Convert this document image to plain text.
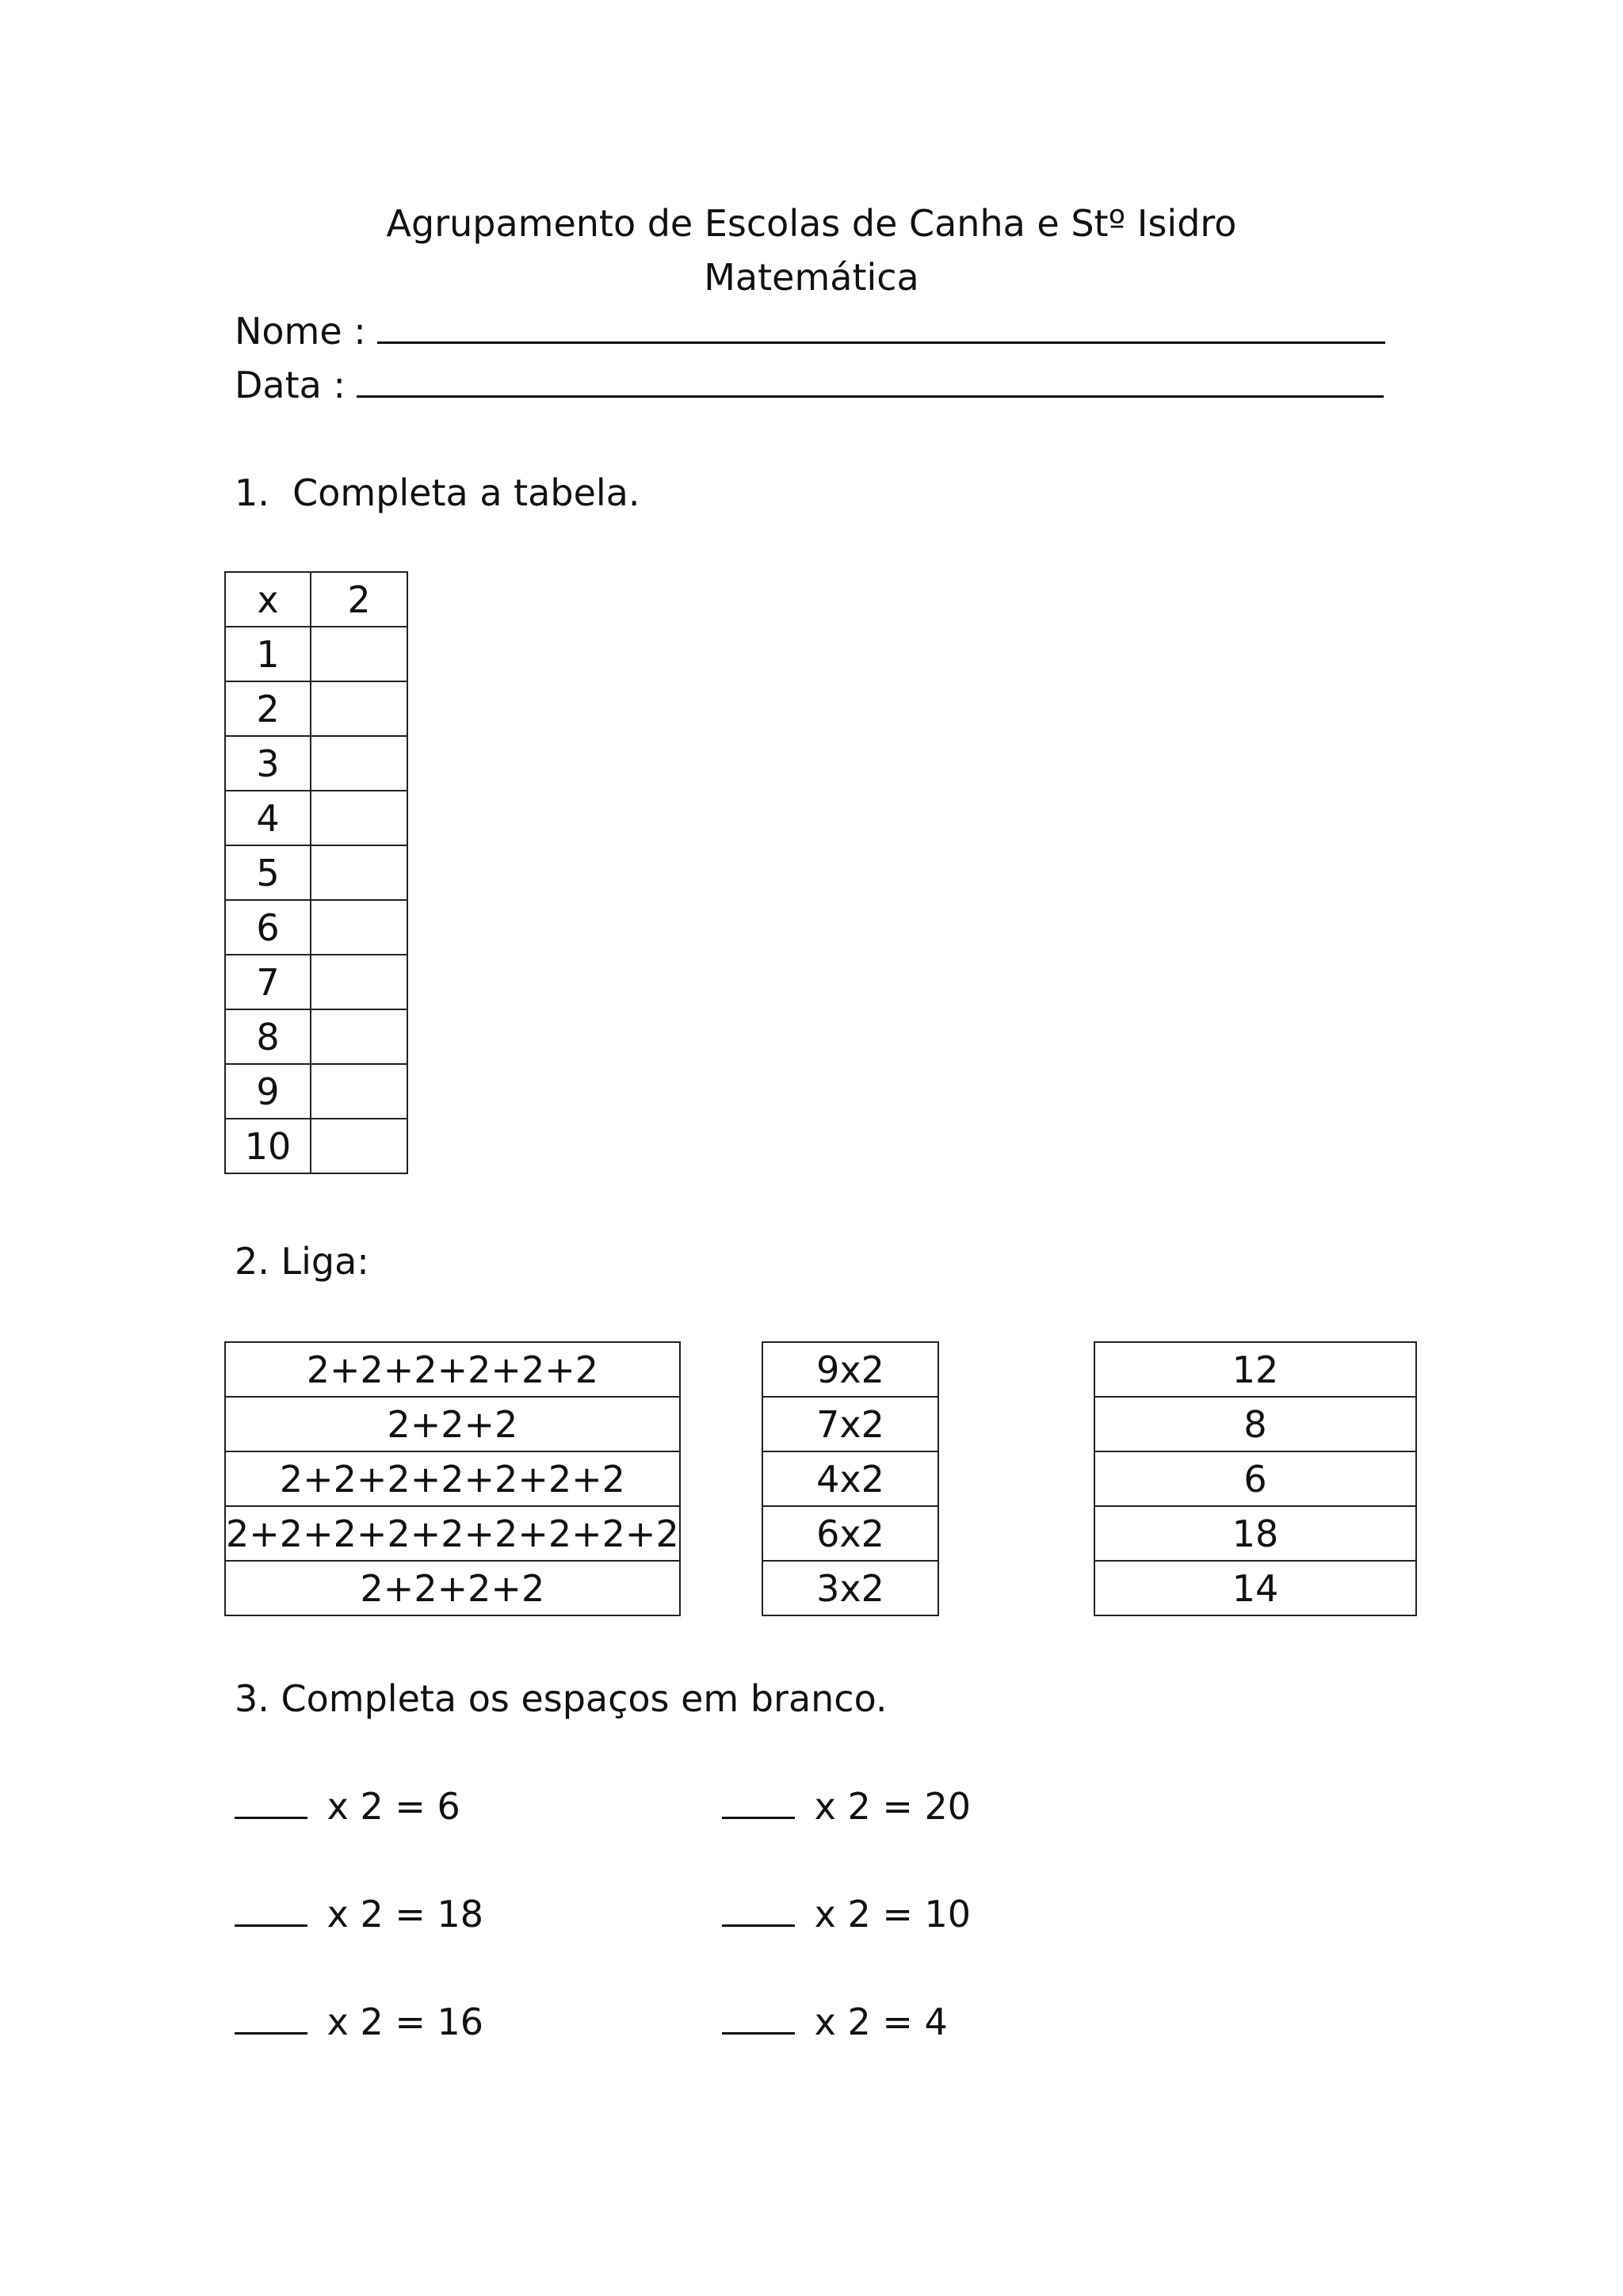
Agrupamento de Escolas de Canha e Stº Isidro
Matemática
Nome :
Data :
1.  Completa a tabela.
x	2
1	
2	
3	
4	
5	
6	
7	
8	
9	
10	
2. Liga:
2+2+2+2+2+2
2+2+2
2+2+2+2+2+2+2
2+2+2+2+2+2+2+2+2
2+2+2+2
9x2
7x2
4x2
6x2
3x2
12
8
6
18
14
3. Completa os espaços em branco.
x 2 = 6
x 2 = 18
x 2 = 16
x 2 = 20
x 2 = 10
x 2 = 4
